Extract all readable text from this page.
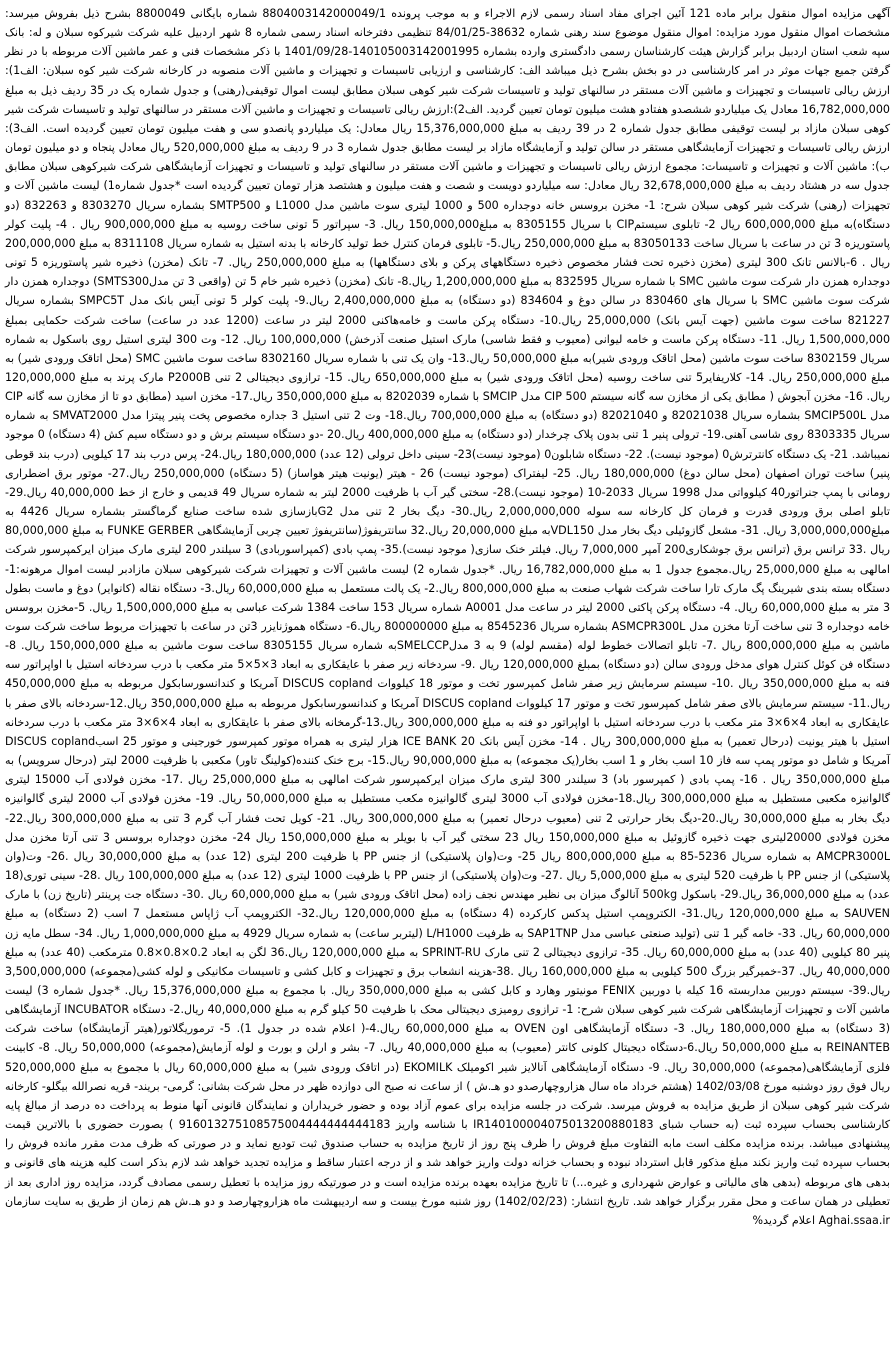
آگهی مزایده اموال منقول برابر ماده 121 آئین اجرای مفاد اسناد رسمی لازم الاجراء و به موجب پرونده 8804003142000049/1 شماره بایگانی 8800049 بشرح ذیل بفروش میرسد: مشخصات اموال منقول مورد مزایده: اموال منقول موضوع سند رهنی شماره 38632-84/01/25 تنظیمی دفترخانه اسناد رسمی شماره 8 شهر اردبیل علیه شرکت شیرکوه سبلان و له: بانک سپه شعب استان اردبیل برابر گزارش هیئت کارشناسان رسمی دادگستری وارده بشماره 140105003142001995-1401/09/28 با ذکر مشخصات فنی و عمر ماشین آلات مربوطه با در نظر گرفتن جمیع جهات موثر در امر کارشناسی در دو بخش بشرح ذیل میباشد الف: کارشناسی و ارزیابی تاسیسات و تجهیزات و ماشین آلات منصوبه در کارخانه شرکت شیر کوه سبلان: الف1): ارزش ریالی تاسیسات و تجهیزات و ماشین آلات مستقر در سالنهای تولید و تاسیسات شرکت شیر کوهی سبلان مطابق لیست اموال توقیفی(رهنی) و جدول شماره یک در 35 ردیف ذیل به مبلغ 16,782,000,000 معادل یک میلیاردو ششصدو هفتادو هشت میلیون تومان تعیین گردید. الف2):ارزش ریالی تاسیسات و تجهیزات و ماشین آلات مستقر در سالنهای تولید و تاسیسات شرکت شیر کوهی سبلان مازاد بر لیست توقیفی مطابق جدول شماره 2 در 39 ردیف به مبلغ 15,376,000,000 ریال معادل: یک میلیاردو پانصدو سی و هفت میلیون تومان تعیین گردیده است. الف3): ارزش ریالی تاسیسات و تجهیزات آزمایشگاهی مستقر در سالن تولید و آزمایشگاه مازاد بر لیست مطابق جدول شماره 3 در 9 ردیف به مبلغ 520,000,000 ریال معادل پنجاه و دو میلیون تومان ب): ماشین آلات و تجهیزات و تاسیسات: مجموع ارزش ریالی تاسیسات و تجهیزات و ماشین آلات مستقر در سالنهای تولید و تاسیسات و تجهیزات آزمایشگاهی شرکت شیرکوهی سبلان مطابق جدول سه در هشتاد ردیف به مبلغ 32,678,000,000 ریال معادل: سه میلیاردو دویست و شصت و هفت میلیون و هشتصد هزار تومان تعیین گردیده است *جدول شماره1) لیست ماشین آلات و تجهیزات (رهنی) شرکت شیر کوهی سبلان شرح: 1- مخزن بروسس خانه دوجداره 500 و 1000 لیتری سوت ماشین مدل L1000 و SMTP500 بشماره سریال 8303270 و 832263 (دو دستگاه)به مبلغ 600,000,000 ریال 2- تابلوی سیستمCIP با سریال 8305155 به مبلغ150,000,000 ریال. 3- سپراتور 5 تونی ساخت روسیه به مبلغ 900,000,000 ریال . 4- پلیت کولر پاستوریزه 3 تن در ساعت با سریال ساخت 83050133 به مبلغ 250,000,000 ریال.5- تابلوی فرمان کنترل خط تولید کارخانه با بدنه استیل به شماره سریال 8311108 به مبلغ 200,000,000 ریال . 6-بالانس تانک 300 لیتری (مخزن ذخیره تحت فشار مخصوص ذخیره دستگاههای پرکن و بلای دستگاهها) به مبلغ 250,000,000 ریال. 7- تانک (مخزن) ذخیره شیر پاستوریزه 5 تونی دوجداره همزن دار شرکت سوت ماشین SMC با شماره سریال 832595 به مبلغ 1,200,000,000 ریال.8- تانک (مخزن) ذخیره شیر خام 5 تن (واقعی 3 تن مدلSMTS300) دوجداره همزن دار شرکت سوت ماشین SMC با سریال های 830460 در سالن دوغ و 834604 (دو دستگاه) به مبلغ 2,400,000,000 ریال.9- پلیت کولر 5 تونی آیس بانک مدل SMPC5T بشماره سریال 821227 ساخت سوت ماشین (جهت آیس بانک) 25,000,000 ریال.10- دستگاه پرکن ماست و خامه‌هاکنی 2000 لیتر در ساعت (1200 عدد در ساعت) ساخت شرکت حکمایی بمبلغ 1,500,000,000 ریال. 11- دستگاه پرکن ماست و خامه لیوانی (معیوب و فقط شاسی) مارک استیل صنعت آذرخش) 100,000,000 ریال. 12- وت 300 لیتری استیل روی باسکول به شماره سریال 8302159 ساخت سوت ماشین (محل اتاقک ورودی شیر)به مبلغ 50,000,000 ریال.13- وان یک تنی با شماره سریال 8302160 ساخت سوت ماشین SMC (محل اتاقک ورودی شیر) به مبلغ 250,000,000 ریال. 14- کلاریفایر5 تنی ساخت روسیه (محل اتاقک ورودی شیر) به مبلغ 650,000,000 ریال. 15- ترازوی دیجیتالی 2 تنی P2000B مارک پرند به مبلغ 120,000,000 ریال. 16- مخزن آبجوش ( مطابق یکی از مخازن سه گانه سیستم CIP 500 مدل SMCIP با شماره 8202039 به مبلغ 350,000,000 ریال.17- مخزن اسید (مطابق دو تا از مخازن سه گانه CIP مدل SMCIP500L بشماره سریال 82021038 و 82021040 (دو دستگاه) به مبلغ 700,000,000 ریال.18- وت 2 تنی استیل 3 جداره مخصوص پخت پنیر پیتزا مدل SMVAT2000 به شماره سریال 8303335 روی شاسی آهنی.19- ترولی پنیر 1 تنی بدون پلاک چرخدار (دو دستگاه) به مبلغ 400,000,000 ریال.20 -دو دستگاه سیستم برش و دو دستگاه سیم کش (4 دستگاه) 0 موجود نمیباشد. 21- یک دستگاه کانترترش0 (موجود نیست). 22- دستگاه شابلون0 (موجود نیست)23- سینی داخل ترولی (12 عدد) 180,000,000 ریال.24- پرس درب بند 17 کیلویی (درب بند قوطی پنیر) ساخت توران اصفهان (محل سالن دوغ) 180,000,000 ریال. 25- لیفتراک (موجود نیست) 26 - هیتر (یونیت هیتر هواساز) (5 دستگاه) 250,000,000 ریال.27- موتور برق اضطراری رومانی با پمپ جنراتور40 کیلوواتی مدل 1998 سریال 2033-10 (موجود نیست).28- سختی گیر آب با ظرفیت 2000 لیتر به شماره سریال 49 قدیمی و خارج از خط 40,000,000 ریال.29- تابلو اصلی برق ورودی قدرت و فرمان کل کارخانه سه سوله 2,000,000,000 ریال.30- دیگ بخار 2 تنی مدل G2بازسازی شده ساخت صنایع گرماگستر بشماره سریال 4426 به مبلغ3,000,000,000 ریال. 31- مشعل گازوئیلی دیگ بخار مدل VDL150به مبلغ 20,000,000 ریال.32 سانتریفوژ(سانتریفوژ تعیین چربی آزمایشگاهی FUNKE GERBER به مبلغ 80,000,000 ریال .33 ترانس برق (ترانس برق جوشکاری200 آمپر 7,000,000 ریال. فیلتر خنک سازی( موجود نیست).35- پمپ بادی (کمپراسوربادی) 3 سیلندر 200 لیتری مارک میزان ایرکمپرسور شرکت امالهی به مبلغ 25,000,000 ریال.مجموع جدول 1 به مبلغ 16,782,000,000 ریال. *جدول شماره 2) لیست ماشین آلات و تجهیزات شرکت شیرکوهی سبلان مازادبر لیست اموال مرهونه:1- دستگاه بسته بندی شیرینگ پگ مارک تارا ساخت شرکت شهاب صنعت به مبلغ 800,000,000 ریال.2- یک پالت مستعمل به مبلغ 60,000,000 ریال.3- دستگاه نقاله (کانوایر) دوغ و ماست بطول 3 متر به مبلغ 60,000,000 ریال. 4- دستگاه پرکن پاکتی 2000 لیتر در ساعت مدل A0001 شماره سریال 153 ساخت 1384 شرکت عباسی به مبلغ 1,500,000,000 ریال. 5-مخزن بروسس خامه دوجداره 3 تنی ساخت آرتا مخزن مدل ASMCPR300L بشماره سریال 8545236 به مبلغ 800000000 ریال.6- دستگاه هموژنایزر 3تن در ساعت با تجهیزات مربوط ساخت شرکت سوت ماشین به مبلغ 800,000,000 ریال .7- تابلو اتصالات خطوط لوله (مقسم لوله) 9 به 3 مدلSMELCCPبه شماره سریال 8305155 ساخت سوت ماشین به مبلغ 150,000,000 ریال. 8- دستگاه فن کوئل کنترل هوای مدخل ورودی سالن (دو دستگاه) بمبلغ 120,000,000 ریال .9- سردخانه زیر صفر با عایقکاری به ابعاد 3×5×5 متر مکعب با درب سردخانه استیل با اواپراتور سه فنه به مبلغ 350,000,000 ریال .10- سیستم سرمایش زیر صفر شامل کمپرسور تخت و موتور 18 کیلووات DISCUS copland آمریکا و کندانسورسابکول مربوطه به مبلغ 450,000,000 ریال.11- سیستم سرمایش بالای صفر شامل کمپرسور تخت و موتور 17 کیلووات DISCUS copland آمریکا و کندانسورسابکول مربوطه به مبلغ 350,000,000 ریال.12-سردخانه بالای صفر با عایقکاری به ابعاد 4×6×3 متر مکعب با درب سردخانه استیل با اواپراتور دو فنه به مبلغ 300,000,000 ریال.13-گرمخانه بالای صفر با عایقکاری به ابعاد 4×6×3 متر مکعب با درب سردخانه استیل با هیتر یونیت (درحال تعمیر) به مبلغ 300,000,000 ریال . 14- مخزن آیس بانک ICE BANK 20 هزار لیتری به همراه موتور کمپرسور خورجینی و موتور 25 اسبDISCUS copland آمریکا و شامل دو موتور پمپ سه فاز 10 اسب بخار و 1 اسب بخار(یک مجموعه) به مبلغ 90,000,000 ریال.15- برج خنک کننده(کولینگ تاور) مکعبی با ظرفیت 2000 لیتر (درحال سرویس) به مبلغ 350,000,000 ریال . 16- پمپ بادی ( کمپرسور باد) 3 سیلندر 300 لیتری مارک میزان ایرکمپرسور شرکت امالهی به مبلغ 25,000,000 ریال .17- مخزن فولادی آب 15000 لیتری گالوانیزه مکعبی مستطیل به مبلغ 300,000,000 ریال.18-مخزن فولادی آب 3000 لیتری گالوانیزه مکعب مستطیل به مبلغ 50,000,000 ریال. 19- مخزن فولادی آب 2000 لیتری گالوانیزه دیگ بخار به مبلغ 30,000,000 ریال.20-دیگ بخار حرارتی 2 تنی (معیوب درحال تعمیر) به مبلغ 300,000,000 ریال. 21- کویل تحت فشار آب گرم 3 تنی به مبلغ 300,000,000 ریال.22- مخزن فولادی 20000لیتری جهت ذخیره گازوئیل به مبلغ 150,000,000 ریال 23 سختی گیر آب با بویلر به مبلغ 150,000,000 ریال 24- مخزن دوجداره بروسس 3 تنی آرتا مخزن مدل AMCPR3000L به شماره سریال 5236-85 به مبلغ 800,000,000 ریال 25- وت(وان پلاستیکی) از جنس PP با ظرفیت 200 لیتری (12 عدد) به مبلغ 30,000,000 ریال .26- وت(وان پلاستیکی) از جنس PP با ظرفیت 520 لیتری به مبلغ 5,000,000 ریال .27- وت(وان پلاستیکی) از جنس PP با ظرفیت 1000 لیتری (12 عدد) به مبلغ 100,000,000 ریال .28- سینی توری(18 عدد) به مبلغ 36,000,000 ریال.29- باسکول 500kg آنالوگ میزان بی نظیر مهندس نجف زاده (محل اتاقک ورودی شیر) به مبلغ 60,000,000 ریال .30- دستگاه جت پرینتر (تاریخ زن) با مارک SAUVEN به مبلغ 120,000,000 ریال.31- الکتروپمپ استیل پدکس کارکرده (4 دستگاه) به مبلغ 120,000,000 ریال.32- الکتروپمپ آب ژاپاس مستعمل 7 اسب (2 دستگاه) به مبلغ 60,000,000 ریال. 33- خامه گیر 1 تنی (تولید صنعتی عباسی مدل SAP1TNP به ظرفیت L/H1000 (لیتربر ساعت) به شماره سریال 4929 به مبلغ 1,000,000,000 ریال. 34- سطل مایه زن پنیر 80 کیلویی (40 عدد) به مبلغ 60,000,000 ریال. 35- ترازوی دیجیتالی 2 تنی مارک SPRINT-RU به مبلغ 120,000,000 ریال.36 لگن به ابعاد 0.2×0.8×0.8 مترمکعب (40 عدد) به مبلغ 40,000,000 ریال. 37-خمیرگیر بزرگ 500 کیلویی به مبلغ 160,000,000 ریال .38-هزینه انشعاب برق و تجهیزات و کابل کشی و تاسیسات مکانیکی و لوله کشی(مجموعه) 3,500,000,000 ریال.39- سیستم دوربین مداربسته 16 کیله با دوربین FENIX مونیتور وهارد و کابل کشی به مبلغ 350,000,000 ریال. با مجموع به مبلغ 15,376,000,000 ریال. *جدول شماره 3) لیست ماشین آلات و تجهیزات آزمایشگاهی شرکت شیر کوهی سبلان شرح: 1- ترازوی رومیزی دیجیتالی محک با ظرفیت 50 کیلو گرم به مبلغ 40,000,000 ریال.2- دستگاه INCUBATOR آزمایشگاهی (3 دستگاه) به مبلغ 180,000,000 ریال. 3- دستگاه آزمایشگاهی اون OVEN به مبلغ 60,000,000 ریال.4-( اعلام شده در جدول 1). 5- ترموریگلاتور(هیتر آزمایشگاه) ساخت شرکت REINANTEB به مبلغ 50,000,000 ریال.6-دستگاه دیجیتال کلونی کانتر (معیوب) به مبلغ 40,000,000 ریال. 7- بشر و ارلن و بورت و لوله آزمایش(مجموعه) 50,000,000 ریال. 8- کابینت فلزی آزمایشگاهی(مجموعه) 30,000,000 ریال. 9- دستگاه آزمایشگاهی آنالایز شیر اکومیلک EKOMILK (در اتاقک ورودی شیر) به مبلغ 60,000,000 ریال با مجموع به مبلغ 520,000,000 ریال فوق روز دوشنبه مورخ 1402/03/08 (هشتم خرداد ماه سال هزاروچهارصدو دو هـ.ش ) از ساعت نه صبح الی دوازده ظهر در محل شرکت بشانی: گرمی- بریند- قریه نصرالله بیگلو- کارخانه شرکت شیر کوهی سبلان از طریق مزایده به فروش میرسد. شرکت در جلسه مزایده برای عموم آزاد بوده و حضور خریداران و نمایندگان قانونی آنها منوط به پرداخت ده درصد از مبالغ پایه کارشناسی بحساب سپرده ثبت (به حساب شبای IR140100004075013200880183 با شناسه واریز 916013275108575004444444444183 ) بصورت حضوری با بالاترین قیمت پیشنهادی میباشد. برنده مزایده مکلف است مابه التفاوت مبلغ فروش را ظرف پنج روز از تاریخ مزایده به حساب صندوق ثبت تودیع نماید و در صورتی که ظرف مدت مقرر مانده فروش را بحساب سپرده ثبت واریز نکند مبلغ مذکور قابل استرداد نبوده و بحساب خزانه دولت واریز خواهد شد و از درجه اعتبار ساقط و مزایده تجدید خواهد شد لازم بذکر است کلیه هزینه های قانونی و بدهی های مربوطه (بدهی های مالیاتی و عوارض شهرداری و غیره...) تا تاریخ مزایده بعهده برنده مزایده است و در صورتیکه روز مزایده با تعطیل رسمی مصادف گردد، مزایده روز اداری بعد از تعطیلی در همان ساعت و محل مقرر برگزار خواهد شد. تاریخ انتشار: (1402/02/23) روز شنبه مورخ بیست و سه اردیبهشت ماه هزاروچهارصد و دو هـ.ش هم زمان از طریق به سایت سازمان Aghai.ssaa.ir اعلام گردید%
